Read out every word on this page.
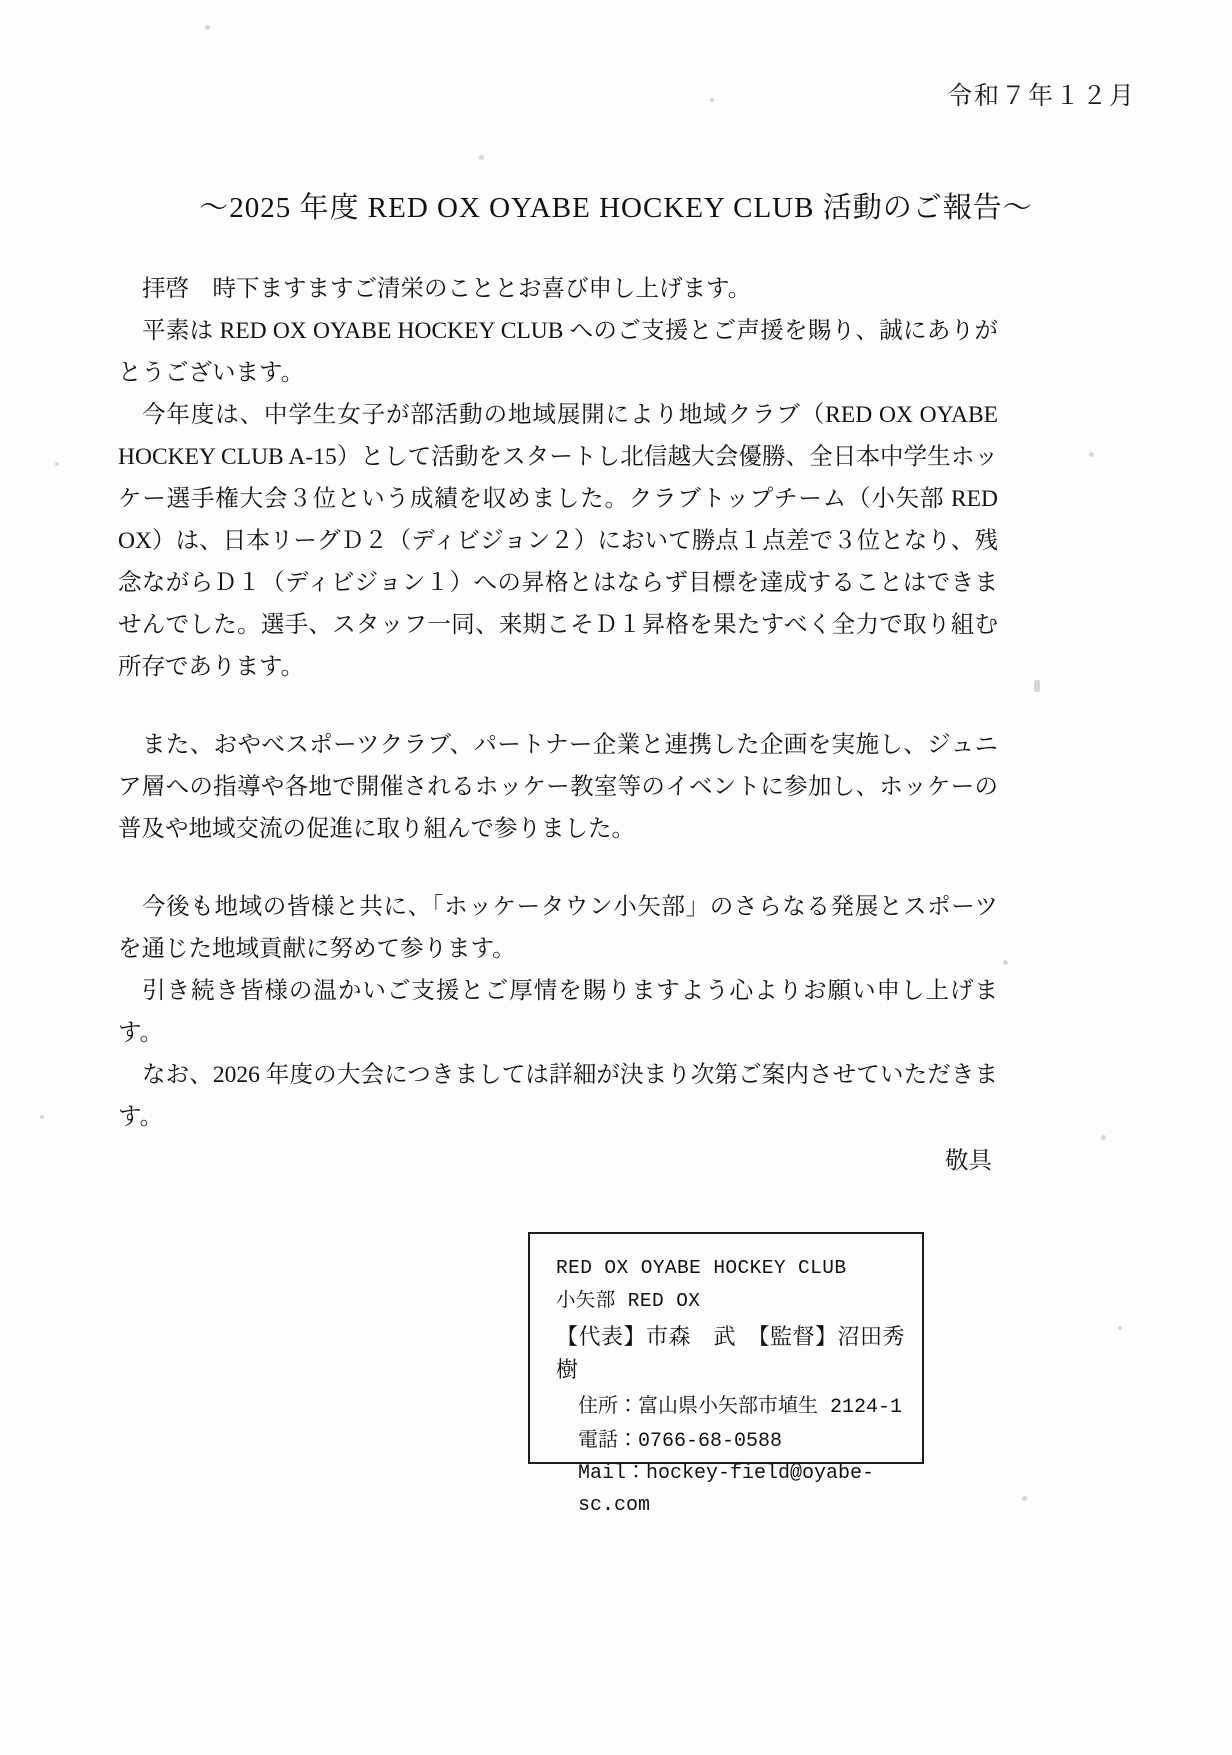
令和７年１２月
～2025 年度 RED OX OYABE HOCKEY CLUB 活動のご報告～

拝啓　時下ますますご清栄のこととお喜び申し上げます。

平素は RED OX OYABE HOCKEY CLUB へのご支援とご声援を賜り、誠にありがとうございます。

今年度は、中学生女子が部活動の地域展開により地域クラブ（RED OX OYABE HOCKEY CLUB A-15）として活動をスタートし北信越大会優勝、全日本中学生ホッケー選手権大会３位という成績を収めました。クラブトップチーム（小矢部 RED OX）は、日本リーグＤ２（ディビジョン２）において勝点１点差で３位となり、残念ながらＤ１（ディビジョン１）への昇格とはならず目標を達成することはできませんでした。選手、スタッフ一同、来期こそＤ１昇格を果たすべく全力で取り組む所存であります。

また、おやべスポーツクラブ、パートナー企業と連携した企画を実施し、ジュニア層への指導や各地で開催されるホッケー教室等のイベントに参加し、ホッケーの普及や地域交流の促進に取り組んで参りました。

今後も地域の皆様と共に、「ホッケータウン小矢部」のさらなる発展とスポーツを通じた地域貢献に努めて参ります。

引き続き皆様の温かいご支援とご厚情を賜りますよう心よりお願い申し上げます。

なお、2026 年度の大会につきましては詳細が決まり次第ご案内させていただきます。

敬具

RED OX OYABE HOCKEY CLUB
小矢部 RED OX
【代表】市森　武　【監督】沼田秀樹
住所：富山県小矢部市埴生 2124-1
電話：0766-68-0588
Mail：hockey-field@oyabe-sc.com
